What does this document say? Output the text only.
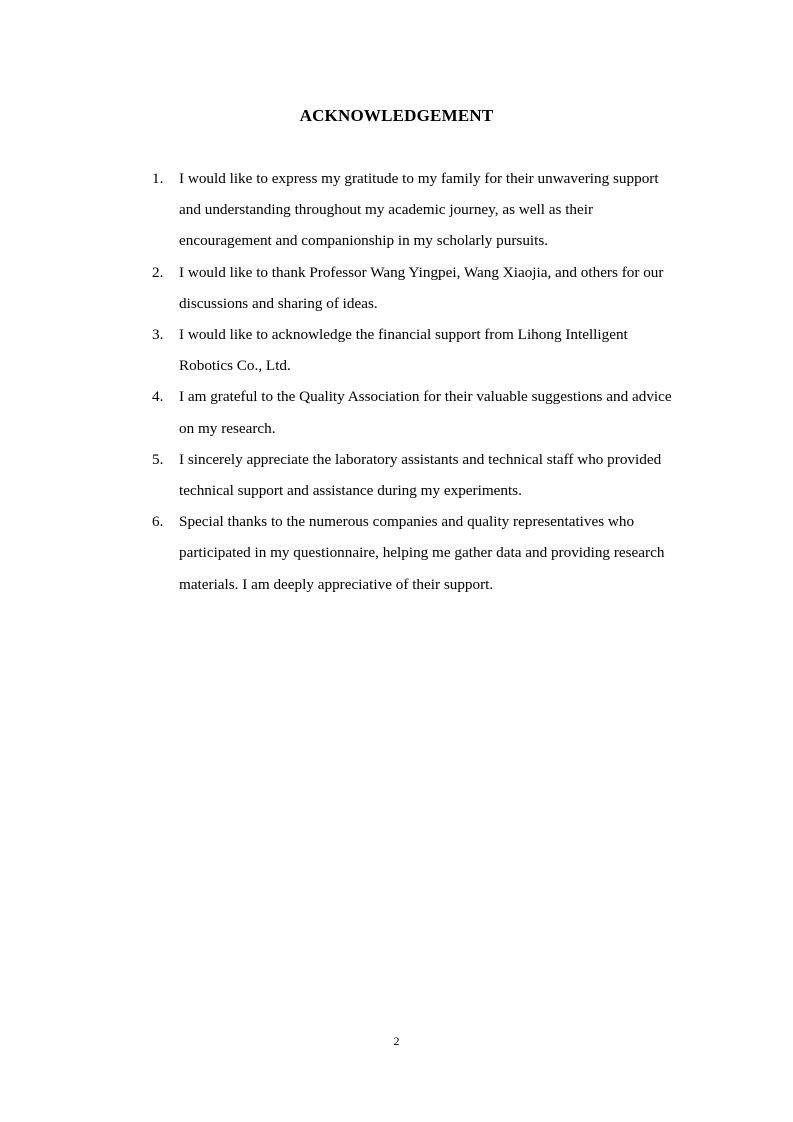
ACKNOWLEDGEMENT
1. I would like to express my gratitude to my family for their unwavering support and understanding throughout my academic journey, as well as their encouragement and companionship in my scholarly pursuits.
2. I would like to thank Professor Wang Yingpei, Wang Xiaojia, and others for our discussions and sharing of ideas.
3. I would like to acknowledge the financial support from Lihong Intelligent Robotics Co., Ltd.
4. I am grateful to the Quality Association for their valuable suggestions and advice on my research.
5. I sincerely appreciate the laboratory assistants and technical staff who provided technical support and assistance during my experiments.
6. Special thanks to the numerous companies and quality representatives who participated in my questionnaire, helping me gather data and providing research materials. I am deeply appreciative of their support.
2
